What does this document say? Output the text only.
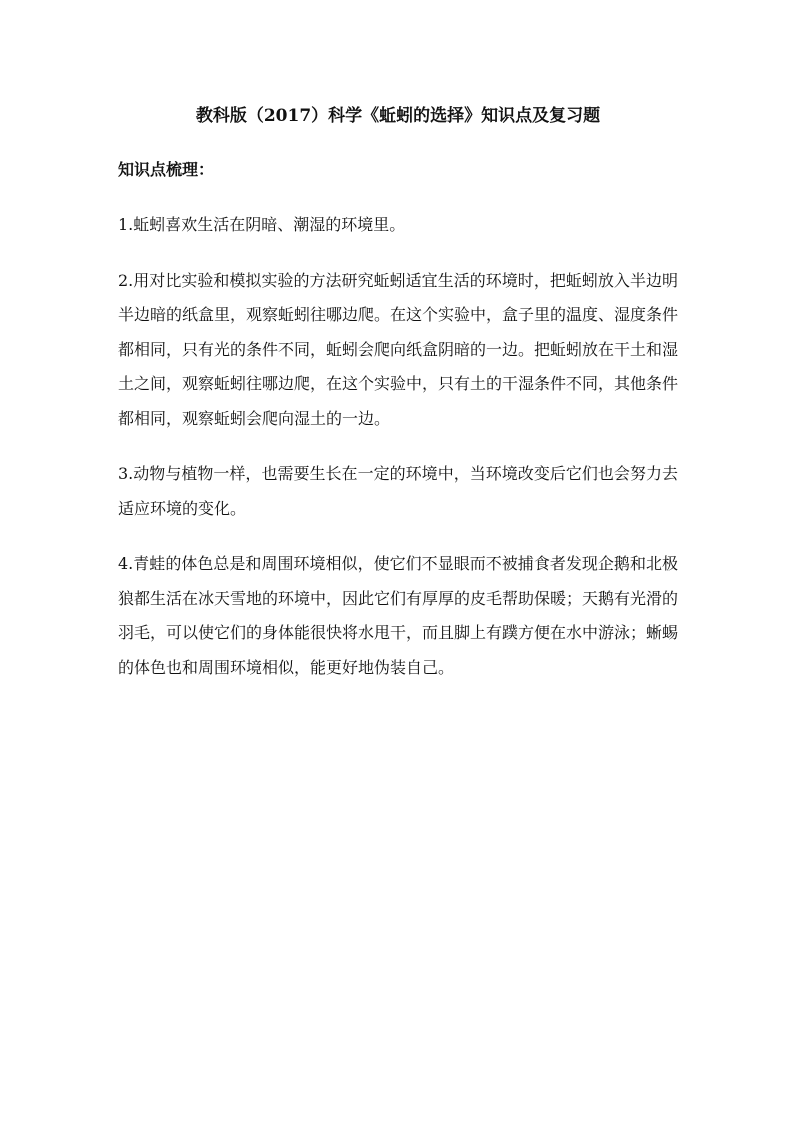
教科版（2017）科学《蚯蚓的选择》知识点及复习题
知识点梳理：

1.蚯蚓喜欢生活在阴暗、潮湿的环境里。

2.用对比实验和模拟实验的方法研究蚯蚓适宜生活的环境时，把蚯蚓放入半边明半边暗的纸盒里，观察蚯蚓往哪边爬。在这个实验中，盒子里的温度、湿度条件都相同，只有光的条件不同，蚯蚓会爬向纸盒阴暗的一边。把蚯蚓放在干土和湿土之间，观察蚯蚓往哪边爬，在这个实验中，只有土的干湿条件不同，其他条件都相同，观察蚯蚓会爬向湿土的一边。

3.动物与植物一样，也需要生长在一定的环境中，当环境改变后它们也会努力去适应环境的变化。

4.青蛙的体色总是和周围环境相似，使它们不显眼而不被捕食者发现企鹅和北极狼都生活在冰天雪地的环境中，因此它们有厚厚的皮毛帮助保暖；天鹅有光滑的羽毛，可以使它们的身体能很快将水甩干，而且脚上有蹼方便在水中游泳；蜥蜴的体色也和周围环境相似，能更好地伪装自己。
